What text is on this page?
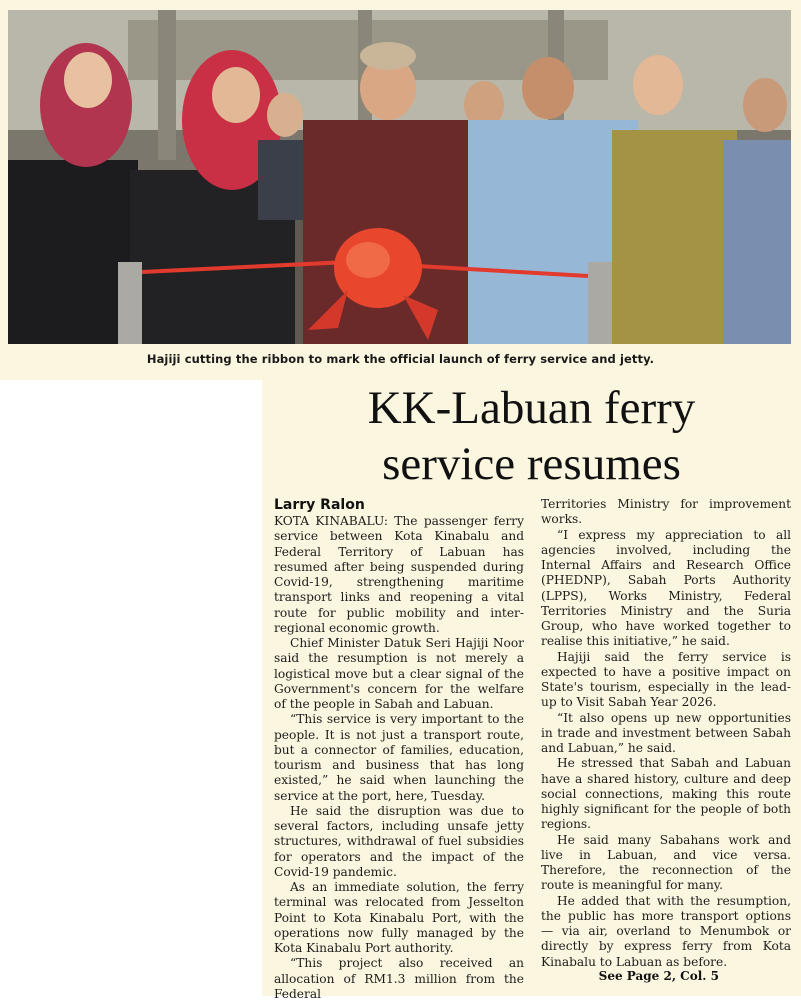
Hajiji cutting the ribbon to mark the official launch of ferry service and jetty.
KK-Labuan ferry
service resumes
Larry Ralon

KOTA KINABALU: The passenger ferry service between Kota Kinabalu and Federal Territory of Labuan has resumed after being suspended during Covid-19, strengthening maritime transport links and reopening a vital route for public mobility and inter-regional economic growth.

Chief Minister Datuk Seri Hajiji Noor said the resumption is not merely a logistical move but a clear signal of the Government's concern for the welfare of the people in Sabah and Labuan.

“This service is very important to the people. It is not just a transport route, but a connector of families, education, tourism and business that has long existed,” he said when launching the service at the port, here, Tuesday.

He said the disruption was due to several factors, including unsafe jetty structures, withdrawal of fuel subsidies for operators and the impact of the Covid-19 pandemic.

As an immediate solution, the ferry terminal was relocated from Jesselton Point to Kota Kinabalu Port, with the operations now fully managed by the Kota Kinabalu Port authority.

“This project also received an allocation of RM1.3 million from the Federal

Territories Ministry for improvement works.

“I express my appreciation to all agencies involved, including the Internal Affairs and Research Office (PHEDNP), Sabah Ports Authority (LPPS), Works Ministry, Federal Territories Ministry and the Suria Group, who have worked together to realise this initiative,” he said.

Hajiji said the ferry service is expected to have a positive impact on State's tourism, especially in the lead-up to Visit Sabah Year 2026.

“It also opens up new opportunities in trade and investment between Sabah and Labuan,” he said.

He stressed that Sabah and Labuan have a shared history, culture and deep social connections, making this route highly significant for the people of both regions.

He said many Sabahans work and live in Labuan, and vice versa. Therefore, the reconnection of the route is meaningful for many.

He added that with the resumption, the public has more transport options — via air, overland to Menumbok or directly by express ferry from Kota Kinabalu to Labuan as before.

See Page 2, Col. 5
